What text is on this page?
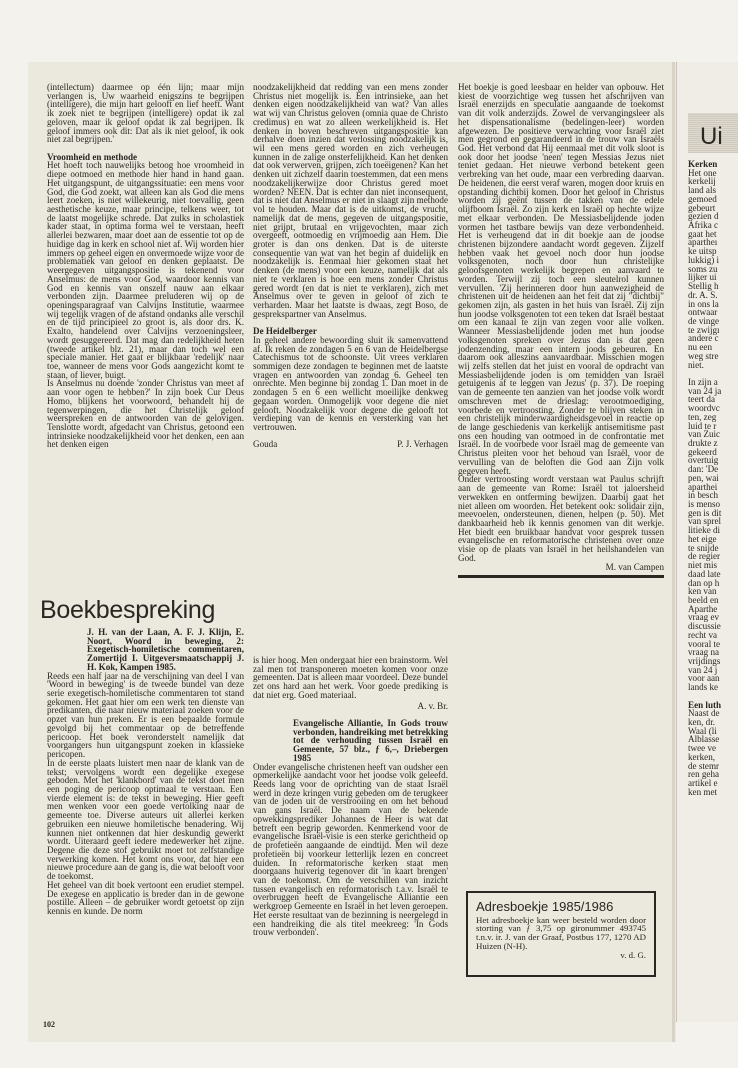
(intellectum) daarmee op één lijn; maar mijn verlangen is, Uw waarheid enigszins te begrijpen (intelligere), die mijn hart gelooft en lief heeft. Want ik zoek niet te begrijpen (intelligere) opdat ik zal geloven, maar ik geloof opdat ik zal begrijpen. Ik geloof immers ook dit: Dat als ik niet geloof, ik ook niet zal begrijpen.'

Vroomheid en methode

Het hoeft toch nauwelijks betoog hoe vroomheid in diepe ootmoed en methode hier hand in hand gaan. Het uitgangspunt, de uitgangssituatie: een mens voor God, die God zoekt, wat alleen kan als God die mens leert zoeken, is niet willekeurig, niet toevallig, geen aesthetische keuze, maar principe, telkens weer, tot de laatst mogelijke schrede. Dat zulks in scholastiek kader staat, in optima forma wel te verstaan, heeft allerlei bezwaren, maar doet aan de essentie tot op de huidige dag in kerk en school niet af. Wij worden hier immers op geheel eigen en onvermoede wijze voor de problematiek van geloof en denken geplaatst. De weergegeven uitgangspositie is tekenend voor Anselmus: de mens voor God, waardoor kennis van God en kennis van onszelf nauw aan elkaar verbonden zijn. Daarmee preluderen wij op de openingsparagraaf van Calvijns Institutie, waarmee wij tegelijk vragen of de afstand ondanks alle verschil en de tijd principieel zo groot is, als door drs. K. Exalto, handelend over Calvijns verzoeningsleer, wordt gesuggereerd. Dat mag dan redelijkheid heten (tweede artikel blz. 21), maar dan toch wel een speciale manier. Het gaat er blijkbaar 'redelijk' naar toe, wanneer de mens voor Gods aangezicht komt te staan, of liever, buigt.

Is Anselmus nu doende 'zonder Christus van meet af aan voor ogen te hebben?' In zijn boek Cur Deus Homo, blijkens het voorwoord, behandelt hij de tegenwerpingen, die het Christelijk geloof weerspreken en de antwoorden van de gelovigen. Tenslotte wordt, afgedacht van Christus, getoond een intrinsieke noodzakelijkheid voor het denken, een aan het denken eigen

noodzakelijkheid dat redding van een mens zonder Christus niet mogelijk is. Een intrinsieke, aan het denken eigen noodzakelijkheid van wat? Van alles wat wij van Christus geloven (omnia quae de Christo credimus) en wat zo alleen werkelijkheid is. Het denken in boven beschreven uitgangspositie kan derhalve doen inzien dat verlossing noodzakelijk is, wil een mens gered worden en zich verheugen kunnen in de zalige onsterfelijkheid. Kan het denken dat ook verwerven, grijpen, zich toeëigenen? Kan het denken uit zichzelf daarin toestemmen, dat een mens noodzakelijkerwijze door Christus gered moet worden? NEEN. Dat is echter dan niet inconsequent, dat is niet dat Anselmus er niet in slaagt zijn methode vol te houden. Maar dat is de uitkomst, de vrucht, namelijk dat de mens, gegeven de uitgangspositie, niet grijpt, brutaal en vrijgevochten, maar zich overgeeft, ootmoedig en vrijmoedig aan Hem. Die groter is dan ons denken. Dat is de uiterste consequentie van wat van het begin af duidelijk en noodzakelijk is. Eenmaal hier gekomen staat het denken (de mens) voor een keuze, namelijk dat als niet te verklaren is hoe een mens zonder Christus gered wordt (en dat is niet te verklaren), zich met Anselmus over te geven in geloof of zich te verharden. Maar het laatste is dwaas, zegt Boso, de gesprekspartner van Anselmus.

De Heidelberger

In geheel andere bewoording sluit ik samenvattend af. Ik reken de zondagen 5 en 6 van de Heidelbergse Catechismus tot de schoonste. Uit vrees verklaren sommigen deze zondagen te beginnen met de laatste vragen en antwoorden van zondag 6. Geheel ten onrechte. Men beginne bij zondag 1. Dan moet in de zondagen 5 en 6 een wellicht moeilijke denkweg gegaan worden. Onmogelijk voor degene die niet gelooft. Noodzakelijk voor degene die gelooft tot verdieping van de kennis en versterking van het vertrouwen.

Gouda	P. J. Verhagen

Het boekje is goed leesbaar en helder van opbouw. Het kiest de voorzichtige weg tussen het afschrijven van Israël enerzijds en speculatie aangaande de toekomst van dit volk anderzijds. Zowel de vervangingsleer als het dispensationalisme (bedelingen-leer) worden afgewezen. De positieve verwachting voor Israël ziet men gegrond en gegarandeerd in de trouw van Israëls God. Het verbond dat Hij eenmaal met dit volk sloot is ook door het joodse 'neen' tegen Messias Jezus niet teniet gedaan. Het nieuwe verbond betekent geen verbreking van het oude, maar een verbreding daarvan. De heidenen, die eerst veraf waren, mogen door kruis en opstanding dichtbij komen. Door het geloof in Christus worden zij geënt tussen de takken van de edele olijfboom Israël. Zo zijn kerk en Israël op hechte wijze met elkaar verbonden. De Messiasbelijdende joden vormen het tastbare bewijs van deze verbondenheid. Het is verheugend dat in dit boekje aan de joodse christenen bijzondere aandacht wordt gegeven. Zijzelf hebben vaak het gevoel noch door hun joodse volksgenoten, noch door hun christelijke geloofsgenoten werkelijk begrepen en aanvaard te worden. Terwijl zij toch een sleutelrol kunnen vervullen. 'Zij herinneren door hun aanwezigheid de christenen uit de heidenen aan het feit dat zij "dichtbij" gekomen zijn, als gasten in het huis van Israël. Zij zijn hun joodse volksgenoten tot een teken dat Israël bestaat om een kanaal te zijn van zegen voor alle volken. Wanneer Messiasbelijdende joden met hun joodse volksgenoten spreken over Jezus dan is dat geen jodenzending, maar een intern joods gebeuren. En daarom ook alleszins aanvaardbaar. Misschien mogen wij zelfs stellen dat het juist en vooral de opdracht van Messiasbelijdende joden is om temidden van Israël getuigenis af te leggen van Jezus' (p. 37). De roeping van de gemeente ten aanzien van het joodse volk wordt omschreven met de drieslag: verootmoediging, voorbede en vertroosting. Zonder te blijven steken in een christelijk minderwaardigheidsgevoel in reactie op de lange geschiedenis van kerkelijk antisemitisme past ons een houding van ootmoed in de confrontatie met Israël. In de voorbede voor Israël mag de gemeente van Christus pleiten voor het behoud van Israël, voor de vervulling van de beloften die God aan Zijn volk gegeven heeft.

Onder vertroosting wordt verstaan wat Paulus schrijft aan de gemeente van Rome: Israël tot jaloersheid verwekken en ontferming bewijzen. Daarbij gaat het niet alleen om woorden. Het betekent ook: solidair zijn, meevoelen, ondersteunen, dienen, helpen (p. 50). Met dankbaarheid heb ik kennis genomen van dit werkje. Het biedt een bruikbaar handvat voor gesprek tussen evangelische en reformatorische christenen over onze visie op de plaats van Israël in het heilshandelen van God.

M. van Campen
Boekbespreking
J. H. van der Laan, A. F. J. Klijn, E. Noort, Woord in beweging, 2: Exegetisch-homiletische commentaren, Zomertijd I. Uitgeversmaatschappij J. H. Kok, Kampen 1985.

Reeds een half jaar na de verschijning van deel I van 'Woord in beweging' is de tweede bundel van deze serie exegetisch-homiletische commentaren tot stand gekomen. Het gaat hier om een werk ten dienste van predikanten, die naar nieuw materiaal zoeken voor de opzet van hun preken. Er is een bepaalde formule gevolgd bij het commentaar op de betreffende pericoop. Het boek veronderstelt namelijk dat voorgangers hun uitgangspunt zoeken in klassieke pericopen.

In de eerste plaats luistert men naar de klank van de tekst; vervolgens wordt een degelijke exegese geboden. Met het 'klankbord' van de tekst doet men een poging de pericoop optimaal te verstaan. Een vierde element is: de tekst in beweging. Hier geeft men wenken voor een goede vertolking naar de gemeente toe. Diverse auteurs uit allerlei kerken gebruiken een nieuwe homiletische benadering. Wij kunnen niet ontkennen dat hier deskundig gewerkt wordt. Uiteraard geeft iedere medewerker het zijne. Degene die deze stof gebruikt moet tot zelfstandige verwerking komen. Het komt ons voor, dat hier een nieuwe procedure aan de gang is, die wat belooft voor de toekomst.

Het geheel van dit boek vertoont een erudiet stempel. De exegese en applicatio is breder dan in de gewone postille. Alleen – de gebruiker wordt getoetst op zijn kennis en kunde. De norm

is hier hoog. Men ondergaat hier een brainstorm. Wel zal men tot transponeren moeten komen voor onze gemeenten. Dat is alleen maar voordeel. Deze bundel zet ons hard aan het werk. Voor goede prediking is dat niet erg. Goed materiaal.

A. v. Br.
Evangelische Alliantie, In Gods trouw verbonden, handreiking met betrekking tot de verhouding tussen Israël en Gemeente, 57 blz., ƒ 6,–, Driebergen 1985

Onder evangelische christenen heeft van oudsher een opmerkelijke aandacht voor het joodse volk geleefd. Reeds lang voor de oprichting van de staat Israël werd in deze kringen vurig gebeden om de terugkeer van de joden uit de verstrooiing en om het behoud van gans Israël. De naam van de bekende opwekkingsprediker Johannes de Heer is wat dat betreft een begrip geworden. Kenmerkend voor de evangelische Israël-visie is een sterke gerichtheid op de profetieën aangaande de eindtijd. Men wil deze profetieën bij voorkeur letterlijk lezen en concreet duiden. In reformatorische kerken staat men doorgaans huiverig tegenover dit 'in kaart brengen' van de toekomst. Om de verschillen van inzicht tussen evangelisch en reformatorisch t.a.v. Israël te overbruggen heeft de Evangelische Alliantie een werkgroep Gemeente en Israël in het leven geroepen. Het eerste resultaat van de bezinning is neergelegd in een handreiking die als titel meekreeg: 'In Gods trouw verbonden'.

Adresboekje 1985/1986

Het adresboekje kan weer besteld worden door storting van ƒ 3,75 op gironummer 493745 t.n.v. ir. J. van der Graaf, Postbus 177, 1270 AD Huizen (N-H).

v. d. G.
102
Ui
Kerken
Het one
kerkelij
land als
gemoed
gebeurt
gezien d
Afrika c
gaat het
apartheı
ke uitsp
lukkig) i
soms zu
lijker ui
Stellig h
dr. A. S.
in ons la
ontwaar
de vinge
te zwijgı
andere c
nu een
weg stre
niet.
In zijn a
van 24 ja
teert da
woordvc
ten, zeg
luid te r
van Zuic
drukte z
gekeerd
overtuig
dan: 'De
pen, wai
aparthei
in besch
is menso
gen is dit
van sprel
litieke di
het eige
te snijde
de regier
niet mis
daad late
dan op h
ken van
beeld en
Aparthe
vraag ev
discussie
recht va
vooral te
vraag na
vrijdings
van 24 j
voor aan
lands ke
Een luth
Naast de
ken, dr.
Waal (li
Alblasse
twee ve
kerken,
de stemr
ren geha
artikel e
ken met
